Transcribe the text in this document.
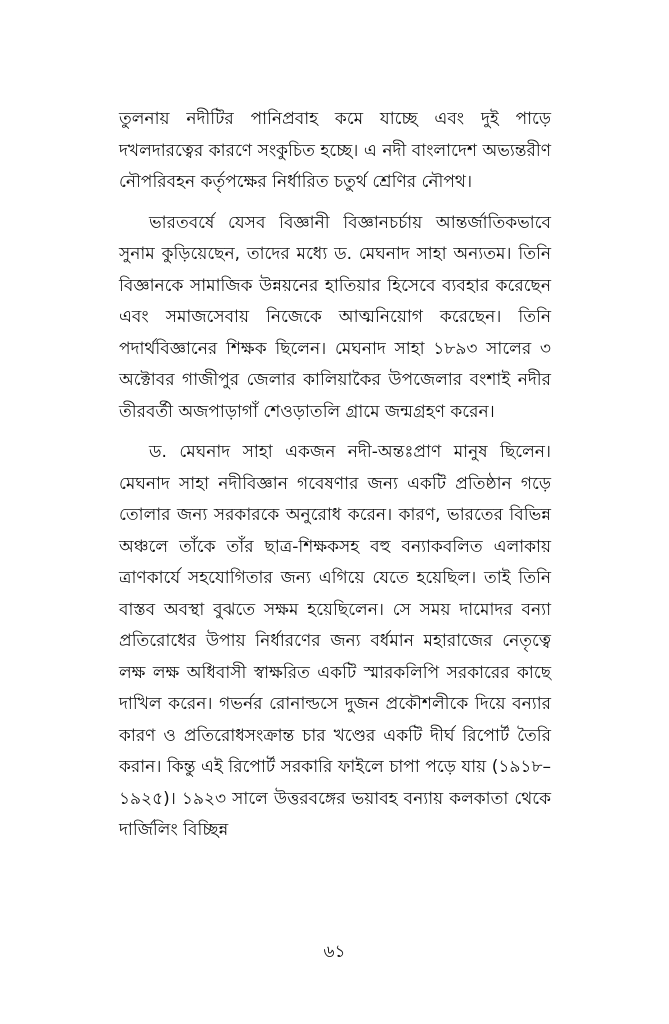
তুলনায় নদীটির পানিপ্রবাহ কমে যাচ্ছে এবং দুই পাড়ে দখলদারত্বের কারণে সংকুচিত হচ্ছে। এ নদী বাংলাদেশ অভ্যন্তরীণ নৌপরিবহন কর্তৃপক্ষের নির্ধারিত চতুর্থ শ্রেণির নৌপথ।

ভারতবর্ষে যেসব বিজ্ঞানী বিজ্ঞানচর্চায় আন্তর্জাতিকভাবে সুনাম কুড়িয়েছেন, তাদের মধ্যে ড. মেঘনাদ সাহা অন্যতম। তিনি বিজ্ঞানকে সামাজিক উন্নয়নের হাতিয়ার হিসেবে ব্যবহার করেছেন এবং সমাজসেবায় নিজেকে আত্মনিয়োগ করেছেন। তিনি পদার্থবিজ্ঞানের শিক্ষক ছিলেন। মেঘনাদ সাহা ১৮৯৩ সালের ৩ অক্টোবর গাজীপুর জেলার কালিয়াকৈর উপজেলার বংশাই নদীর তীরবর্তী অজপাড়াগাঁ শেওড়াতলি গ্রামে জন্মগ্রহণ করেন।

ড. মেঘনাদ সাহা একজন নদী-অন্তঃপ্রাণ মানুষ ছিলেন। মেঘনাদ সাহা নদীবিজ্ঞান গবেষণার জন্য একটি প্রতিষ্ঠান গড়ে তোলার জন্য সরকারকে অনুরোধ করেন। কারণ, ভারতের বিভিন্ন অঞ্চলে তাঁকে তাঁর ছাত্র-শিক্ষকসহ বহু বন্যাকবলিত এলাকায় ত্রাণকার্যে সহযোগিতার জন্য এগিয়ে যেতে হয়েছিল। তাই তিনি বাস্তব অবস্থা বুঝতে সক্ষম হয়েছিলেন। সে সময় দামোদর বন্যা প্রতিরোধের উপায় নির্ধারণের জন্য বর্ধমান মহারাজের নেতৃত্বে লক্ষ লক্ষ অধিবাসী স্বাক্ষরিত একটি স্মারকলিপি সরকারের কাছে দাখিল করেন। গভর্নর রোনাল্ডসে দুজন প্রকৌশলীকে দিয়ে বন্যার কারণ ও প্রতিরোধসংক্রান্ত চার খণ্ডের একটি দীর্ঘ রিপোর্ট তৈরি করান। কিন্তু এই রিপোর্ট সরকারি ফাইলে চাপা পড়ে যায় (১৯১৮–১৯২৫)। ১৯২৩ সালে উত্তরবঙ্গের ভয়াবহ বন্যায় কলকাতা থেকে দার্জিলিং বিচ্ছিন্ন

৬১
